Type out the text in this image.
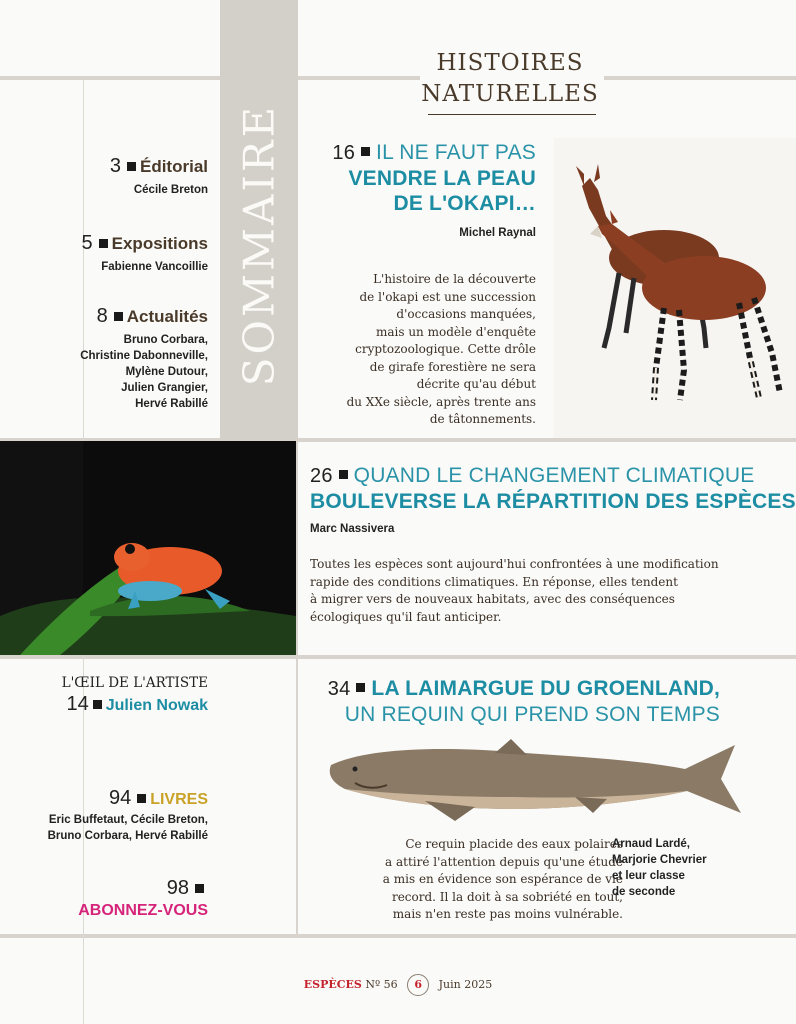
SOMMAIRE
HISTOIRES
NATURELLES
3 Éditorial
Cécile Breton
5 Expositions
Fabienne Vancoillie
8 Actualités
Bruno Corbara,
Christine Dabonneville,
Mylène Dutour,
Julien Grangier,
Hervé Rabillé
16 IL NE FAUT PAS
VENDRE LA PEAU
DE L'OKAPI…
Michel Raynal
L'histoire de la découverte
de l'okapi est une succession
d'occasions manquées,
mais un modèle d'enquête
cryptozoologique. Cette drôle
de girafe forestière ne sera
décrite qu'au début
du XXe siècle, après trente ans
de tâtonnements.
26 QUAND LE CHANGEMENT CLIMATIQUE
BOULEVERSE LA RÉPARTITION DES ESPÈCES
Marc Nassivera
Toutes les espèces sont aujourd'hui confrontées à une modification
rapide des conditions climatiques. En réponse, elles tendent
à migrer vers de nouveaux habitats, avec des conséquences
écologiques qu'il faut anticiper.
L'ŒIL DE L'ARTISTE
14 Julien Nowak
94 LIVRES
Eric Buffetaut, Cécile Breton,
Bruno Corbara, Hervé Rabillé
98
ABONNEZ-VOUS
34 LA LAIMARGUE DU GROENLAND,
UN REQUIN QUI PREND SON TEMPS
Ce requin placide des eaux polaires
a attiré l'attention depuis qu'une étude
a mis en évidence son espérance de vie
record. Il la doit à sa sobriété en tout,
mais n'en reste pas moins vulnérable.
Arnaud Lardé,
Marjorie Chevrier
et leur classe
de seconde
ESPÈCES Nº 56 6 Juin 2025
